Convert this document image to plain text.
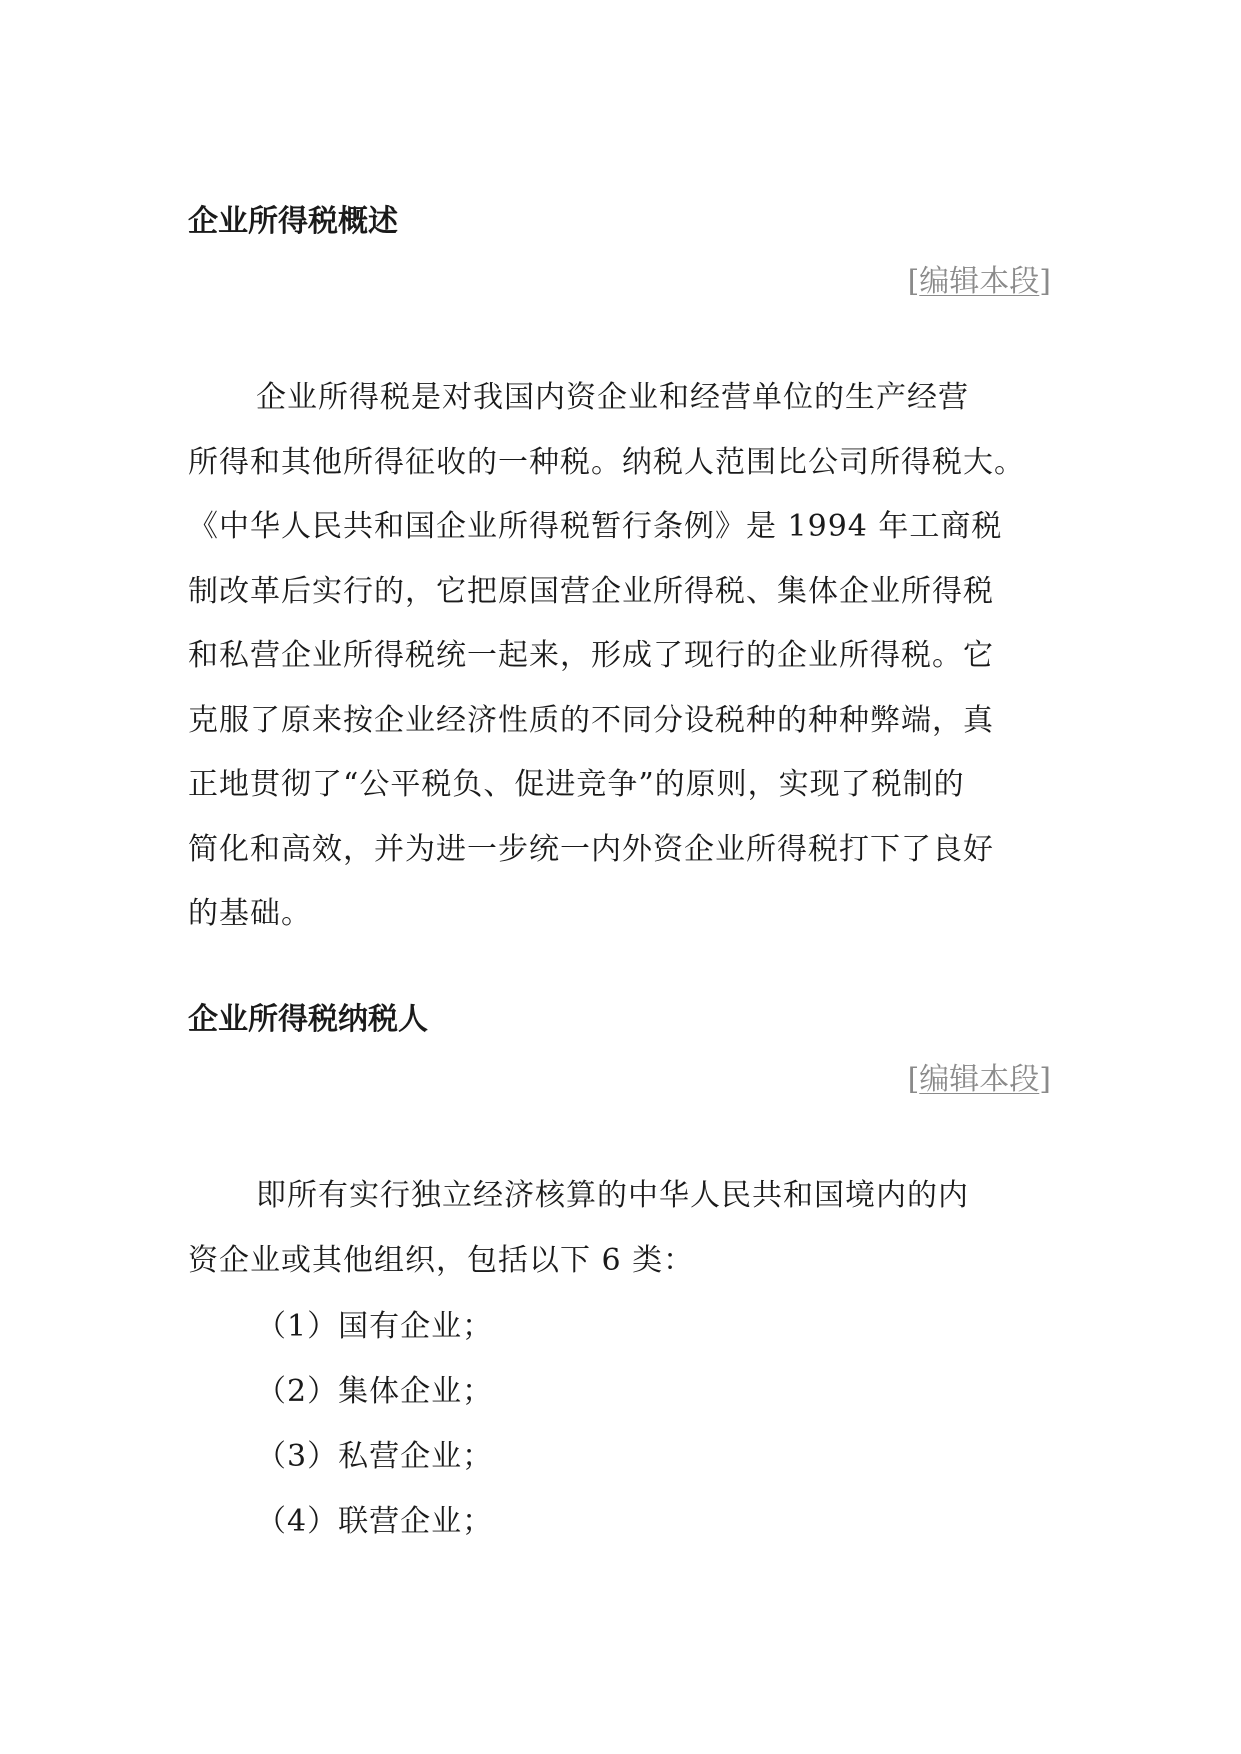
企业所得税概述
[编辑本段]
企业所得税是对我国内资企业和经营单位的生产经营
所得和其他所得征收的一种税。纳税人范围比公司所得税大。
《中华人民共和国企业所得税暂行条例》是 1994 年工商税
制改革后实行的，它把原国营企业所得税、集体企业所得税
和私营企业所得税统一起来，形成了现行的企业所得税。它
克服了原来按企业经济性质的不同分设税种的种种弊端，真
正地贯彻了“公平税负、促进竞争”的原则，实现了税制的
简化和高效，并为进一步统一内外资企业所得税打下了良好
的基础。
企业所得税纳税人
[编辑本段]
即所有实行独立经济核算的中华人民共和国境内的内
资企业或其他组织，包括以下 6 类：
（1）国有企业；
（2）集体企业；
（3）私营企业；
（4）联营企业；
